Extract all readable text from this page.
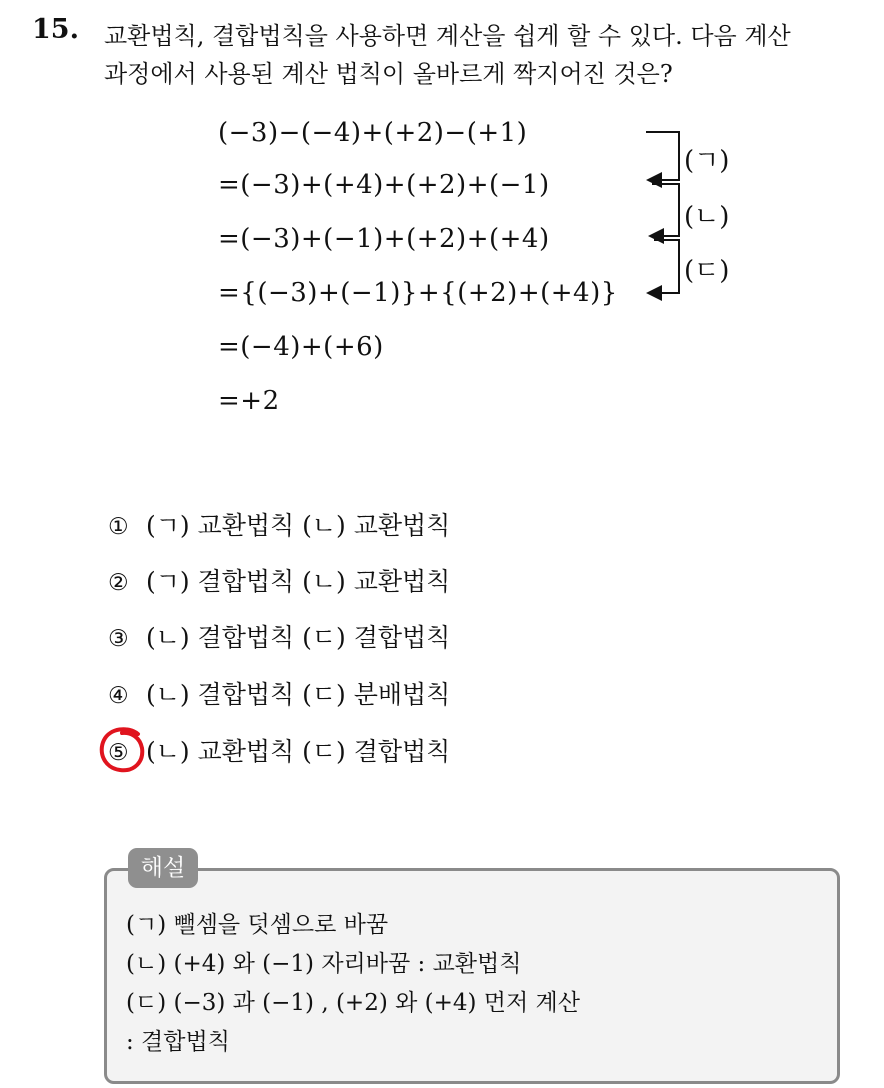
15. 교환법칙, 결합법칙을 사용하면 계산을 쉽게 할 수 있다. 다음 계산
과정에서 사용된 계산 법칙이 올바르게 짝지어진 것은?
(−3)−(−4)+(+2)−(+1)
=(−3)+(+4)+(+2)+(−1)
=(−3)+(−1)+(+2)+(+4)
={(−3)+(−1)}+{(+2)+(+4)}
=(−4)+(+6)
=+2
(ㄱ)
(ㄴ)
(ㄷ)
① (ㄱ) 교환법칙 (ㄴ) 교환법칙
② (ㄱ) 결합법칙 (ㄴ) 교환법칙
③ (ㄴ) 결합법칙 (ㄷ) 결합법칙
④ (ㄴ) 결합법칙 (ㄷ) 분배법칙
⑤ (ㄴ) 교환법칙 (ㄷ) 결합법칙
해설
(ㄱ) 뺄셈을 덧셈으로 바꿈
(ㄴ) (+4) 와 (−1) 자리바꿈 : 교환법칙
(ㄷ) (−3) 과 (−1) , (+2) 와 (+4) 먼저 계산
: 결합법칙
